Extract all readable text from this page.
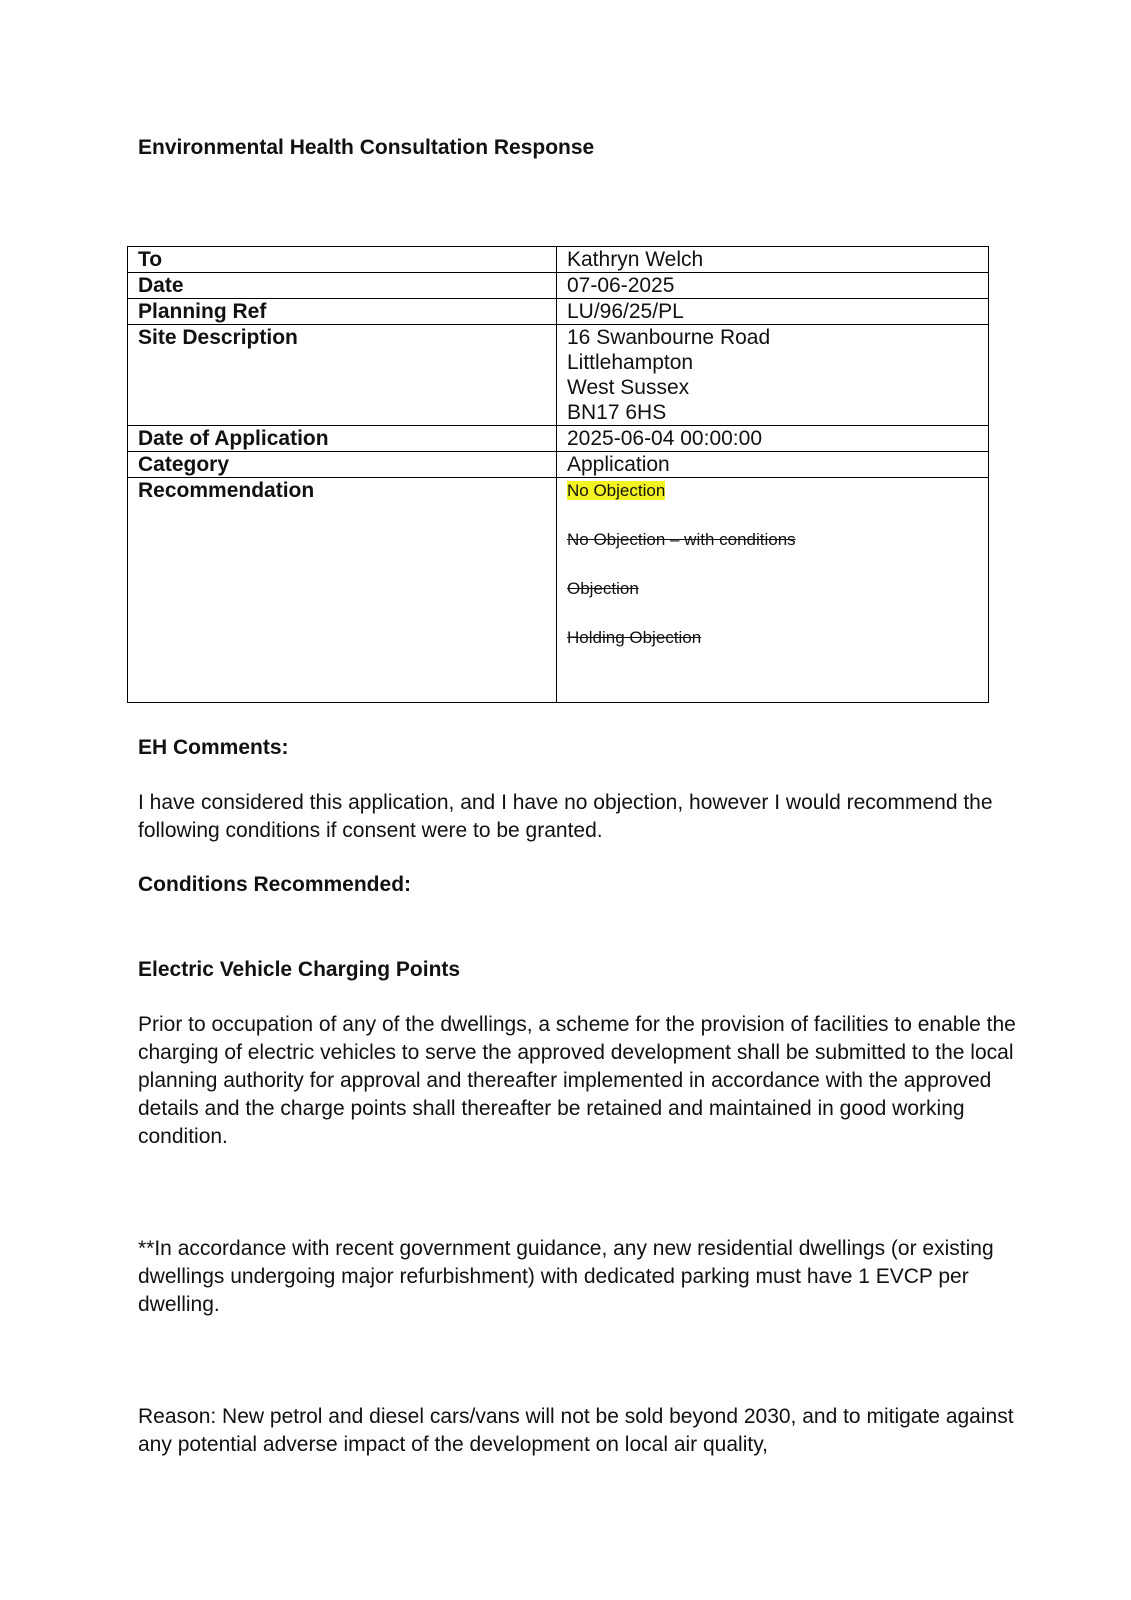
Environmental Health Consultation Response
To	Kathryn Welch
Date	07-06-2025
Planning Ref	LU/96/25/PL
Site Description	16 Swanbourne Road
Littlehampton
West Sussex
BN17 6HS

Date of Application	2025-06-04 00:00:00
Category	Application
Recommendation	No Objection
No Objection – with conditions
Objection
Holding Objection
EH Comments:
I have considered this application, and I have no objection, however I would recommend the following conditions if consent were to be granted.
Conditions Recommended:
Electric Vehicle Charging Points
Prior to occupation of any of the dwellings, a scheme for the provision of facilities to enable the charging of electric vehicles to serve the approved development shall be submitted to the local planning authority for approval and thereafter implemented in accordance with the approved details and the charge points shall thereafter be retained and maintained in good working condition.
**In accordance with recent government guidance, any new residential dwellings (or existing dwellings undergoing major refurbishment) with dedicated parking must have 1 EVCP per dwelling.
Reason: New petrol and diesel cars/vans will not be sold beyond 2030, and to mitigate against any potential adverse impact of the development on local air quality,
